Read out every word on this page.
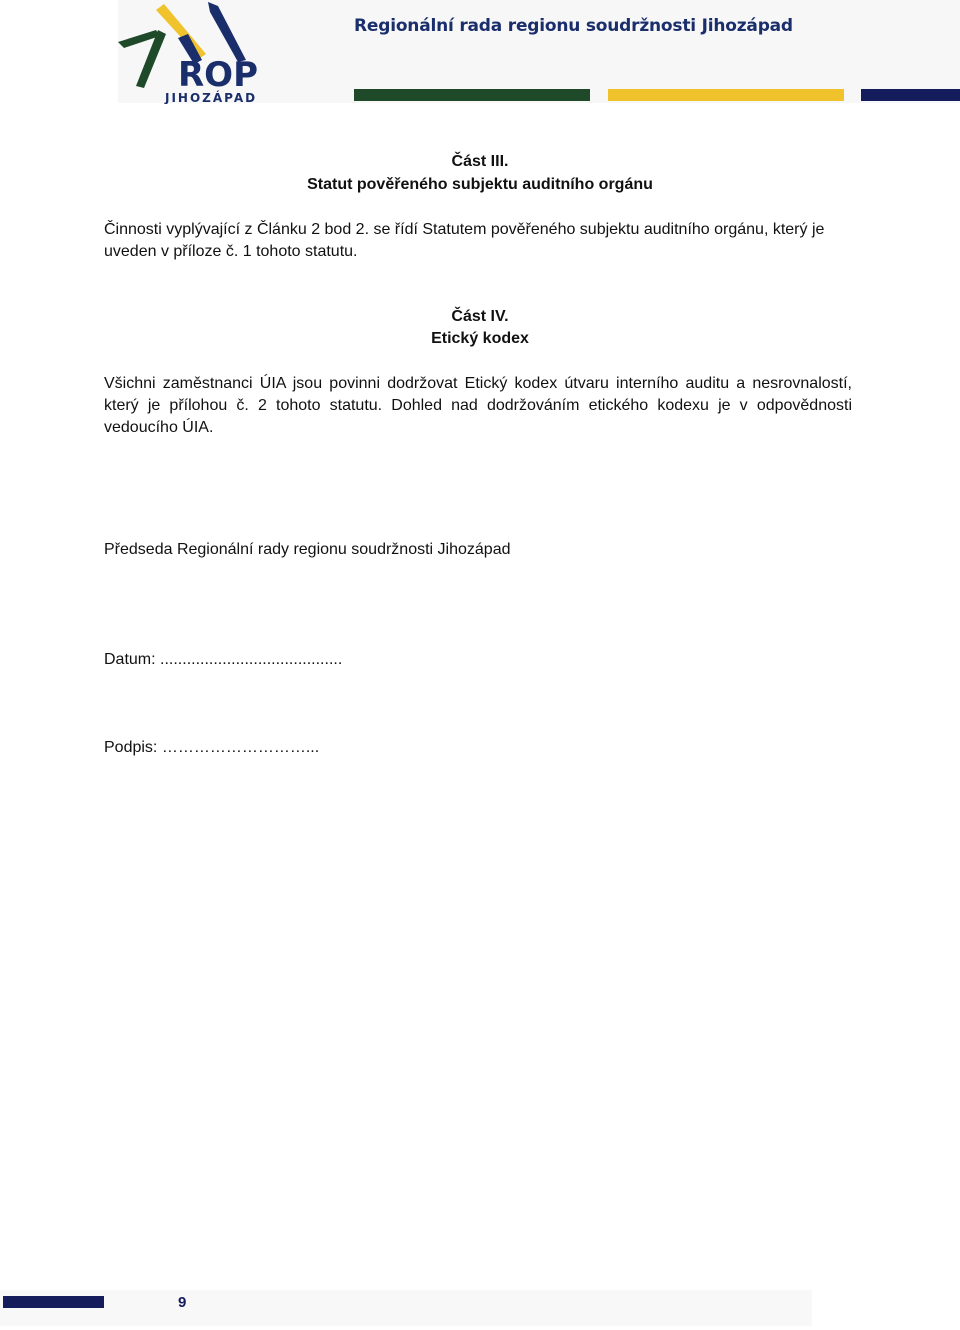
ROP
JIHOZÁPAD
Regionální rada regionu soudržnosti Jihozápad
Část III.
Statut pověřeného subjektu auditního orgánu
Činnosti vyplývající z Článku 2 bod 2. se řídí Statutem pověřeného subjektu auditního orgánu, který je uveden v příloze č. 1 tohoto statutu.
Část IV.
Etický kodex
Všichni zaměstnanci ÚIA jsou povinni dodržovat Etický kodex útvaru interního auditu a nesrovnalostí, který je přílohou č. 2 tohoto statutu. Dohled nad dodržováním etického kodexu je v odpovědnosti vedoucího ÚIA.
Předseda Regionální rady regionu soudržnosti Jihozápad
Datum: .........................................
Podpis: ………………………...
9
